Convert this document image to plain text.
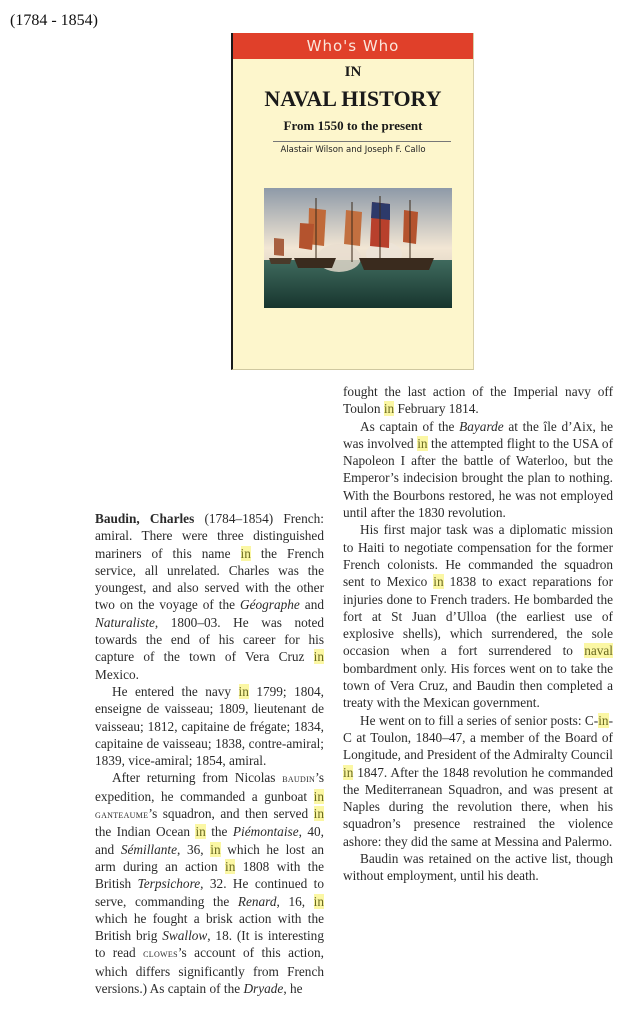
(1784 - 1854)
Who's Who
IN
NAVAL HISTORY
From 1550 to the present
Alastair Wilson and Joseph F. Callo

Baudin, Charles (1784–1854) French: amiral. There were three distinguished mariners of this name in the French service, all unrelated. Charles was the youngest, and also served with the other two on the voyage of the Géographe and Naturaliste, 1800–03. He was noted towards the end of his career for his capture of the town of Vera Cruz in Mexico.

He entered the navy in 1799; 1804, enseigne de vaisseau; 1809, lieutenant de vaisseau; 1812, capitaine de frégate; 1834, capitaine de vaisseau; 1838, contre-amiral; 1839, vice-amiral; 1854, amiral.

After returning from Nicolas baudin’s expedition, he commanded a gunboat in ganteaume’s squadron, and then served in the Indian Ocean in the Piémontaise, 40, and Sémillante, 36, in which he lost an arm during an action in 1808 with the British Terpsichore, 32. He continued to serve, commanding the Renard, 16, in which he fought a brisk action with the British brig Swallow, 18. (It is interesting to read clowes’s account of this action, which differs significantly from French versions.) As captain of the Dryade, he

fought the last action of the Imperial navy off Toulon in February 1814.

As captain of the Bayarde at the île d’Aix, he was involved in the attempted flight to the USA of Napoleon I after the battle of Waterloo, but the Emperor’s indecision brought the plan to nothing. With the Bourbons restored, he was not employed until after the 1830 revolution.

His first major task was a diplomatic mission to Haiti to negotiate compensation for the former French colonists. He commanded the squadron sent to Mexico in 1838 to exact reparations for injuries done to French traders. He bombarded the fort at St Juan d’Ulloa (the earliest use of explosive shells), which surrendered, the sole occasion when a fort surrendered to naval bombardment only. His forces went on to take the town of Vera Cruz, and Baudin then completed a treaty with the Mexican government.

He went on to fill a series of senior posts: C-in-C at Toulon, 1840–47, a member of the Board of Longitude, and President of the Admiralty Council in 1847. After the 1848 revolution he commanded the Mediterranean Squadron, and was present at Naples during the revolution there, when his squadron’s presence restrained the violence ashore: they did the same at Messina and Palermo.

Baudin was retained on the active list, though without employment, until his death.
